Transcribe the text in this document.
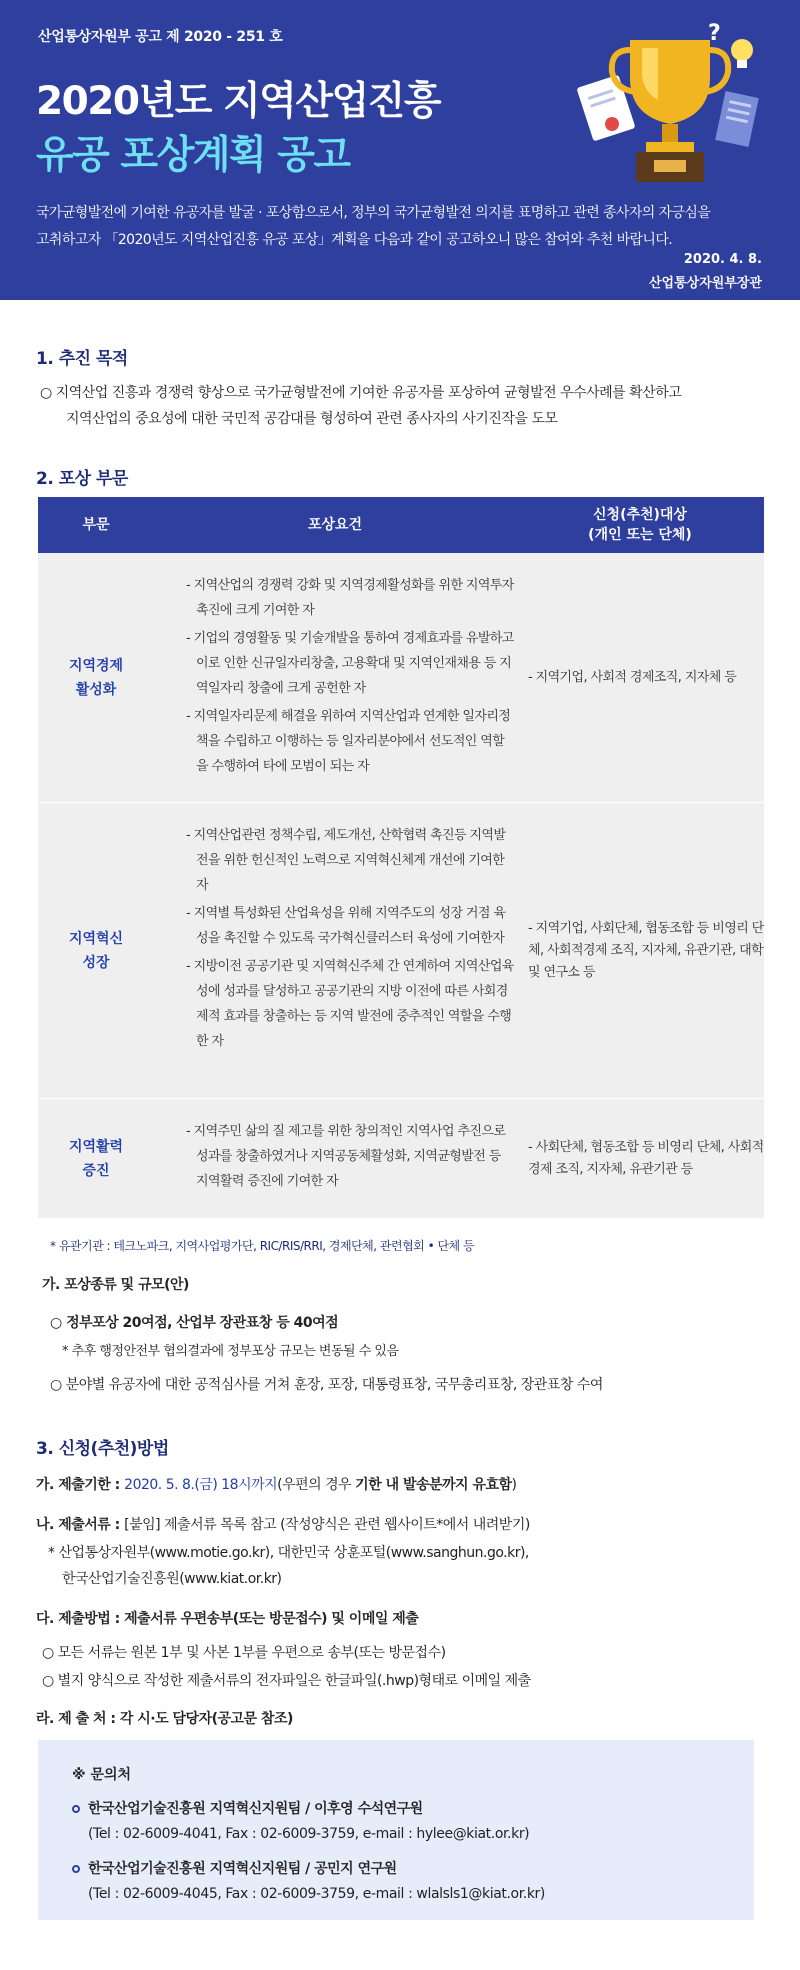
산업통상자원부 공고 제 2020 - 251 호
2020년도 지역산업진흥
유공 포상계획 공고
?
국가균형발전에 기여한 유공자를 발굴 · 포상함으로서, 정부의 국가균형발전 의지를 표명하고 관련 종사자의 자긍심을
고취하고자 「2020년도 지역산업진흥 유공 포상」계획을 다음과 같이 공고하오니 많은 참여와 추천 바랍니다.
2020. 4. 8.
산업통상자원부장관
1. 추진 목적
○ 지역산업 진흥과 경쟁력 향상으로 국가균형발전에 기여한 유공자를 포상하여 균형발전 우수사례를 확산하고
지역산업의 중요성에 대한 국민적 공감대를 형성하여 관련 종사자의 사기진작을 도모
2. 포상 부문
부문	포상요건
신청(추천)대상
(개인 또는 단체)
지역경제
활성화

- 지역산업의 경쟁력 강화 및 지역경제활성화를 위한 지역투자촉진에 크게 기여한 자

- 기업의 경영활동 및 기술개발을 통하여 경제효과를 유발하고 이로 인한 신규일자리창출, 고용확대 및 지역인재채용 등 지역일자리 창출에 크게 공헌한 자

- 지역일자리문제 해결을 위하여 지역산업과 연계한 일자리정책을 수립하고 이행하는 등 일자리분야에서 선도적인 역할을 수행하여 타에 모범이 되는 자

- 지역기업, 사회적 경제조직, 지자체 등
지역혁신
성장

- 지역산업관련 정책수립, 제도개선, 산학협력 촉진등 지역발전을 위한 헌신적인 노력으로 지역혁신체계 개선에 기여한 자

- 지역별 특성화된 산업육성을 위해 지역주도의 성장 거점 육성을 촉진할 수 있도록 국가혁신클러스터 육성에 기여한자

- 지방이전 공공기관 및 지역혁신주체 간 연계하여 지역산업육성에 성과를 달성하고 공공기관의 지방 이전에 따른 사회경제적 효과를 창출하는 등 지역 발전에 중추적인 역할을 수행한 자

- 지역기업, 사회단체, 협동조합 등 비영리 단체, 사회적경제 조직, 지자체, 유관기관, 대학 및 연구소 등
지역활력
증진

- 지역주민 삶의 질 제고를 위한 창의적인 지역사업 추진으로 성과를 창출하였거나 지역공동체활성화, 지역균형발전 등 지역활력 증진에 기여한 자

- 사회단체, 협동조합 등 비영리 단체, 사회적경제 조직, 지자체, 유관기관 등
* 유관기관 : 테크노파크, 지역사업평가단, RIC/RIS/RRI, 경제단체, 관련협회 • 단체 등
가. 포상종류 및 규모(안)
○ 정부포상 20여점, 산업부 장관표창 등 40여점
* 추후 행정안전부 협의결과에 정부포상 규모는 변동될 수 있음
○ 분야별 유공자에 대한 공적심사를 거쳐 훈장, 포장, 대통령표창, 국무총리표창, 장관표창 수여
3. 신청(추천)방법
가. 제출기한 : 2020. 5. 8.(금) 18시까지(우편의 경우 기한 내 발송분까지 유효함)
나. 제출서류 : [붙임] 제출서류 목록 참고 (작성양식은 관련 웹사이트*에서 내려받기)
* 산업통상자원부(www.motie.go.kr), 대한민국 상훈포털(www.sanghun.go.kr),
한국산업기술진흥원(www.kiat.or.kr)
다. 제출방법 : 제출서류 우편송부(또는 방문접수) 및 이메일 제출
○ 모든 서류는 원본 1부 및 사본 1부를 우편으로 송부(또는 방문접수)
○ 별지 양식으로 작성한 제출서류의 전자파일은 한글파일(.hwp)형태로 이메일 제출
라. 제 출 처 : 각 시·도 담당자(공고문 참조)
※ 문의처
한국산업기술진흥원 지역혁신지원팀 / 이후영 수석연구원
(Tel : 02-6009-4041, Fax : 02-6009-3759, e-mail : hylee@kiat.or.kr)
한국산업기술진흥원 지역혁신지원팀 / 공민지 연구원
(Tel : 02-6009-4045, Fax : 02-6009-3759, e-mail : wlalsls1@kiat.or.kr)
